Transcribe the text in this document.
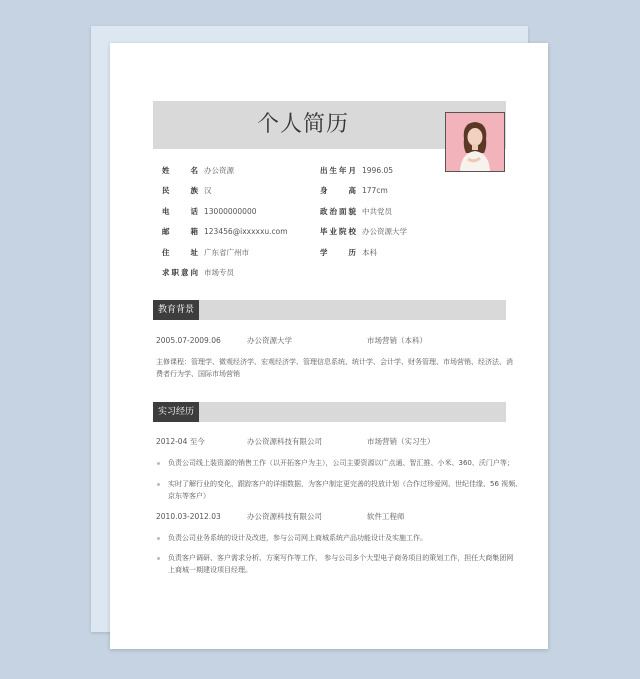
个人简历
姓 名 办公资源
民 族 汉
电 话 13000000000
邮 箱 123456@ixxxxxu.com
住 址 广东省广州市
求职意向 市场专员
出生年月 1996.05
身 高 177cm
政治面貌 中共党员
毕业院校 办公资源大学
学 历 本科
教育背景
2005.07-2009.06	办公资源大学	市场营销（本科）
主修课程：管理学、微观经济学、宏观经济学、管理信息系统、统计学、会计学、财务管理、市场营销、经济法、消
费者行为学、国际市场营销
实习经历
2012-04 至今	办公资源科技有限公司	市场营销（实习生）
负责公司线上装资源的销售工作（以开拓客户为主），公司主要资源以广点通、智汇推、小米、360、沃门户等；
实时了解行业的变化，跟踪客户的详细数据，为客户制定更完善的投放计划（合作过珍爱网、世纪佳缘、56 视频、
京东等客户）
2010.03-2012.03	办公资源科技有限公司	软件工程师
负责公司业务系统的设计及改进，参与公司网上商城系统产品功能设计及实施工作。
负责客户调研、客户需求分析、方案写作等工作， 参与公司多个大型电子商务项目的策划工作，担任大商集团网
上商城一期建设项目经理。
